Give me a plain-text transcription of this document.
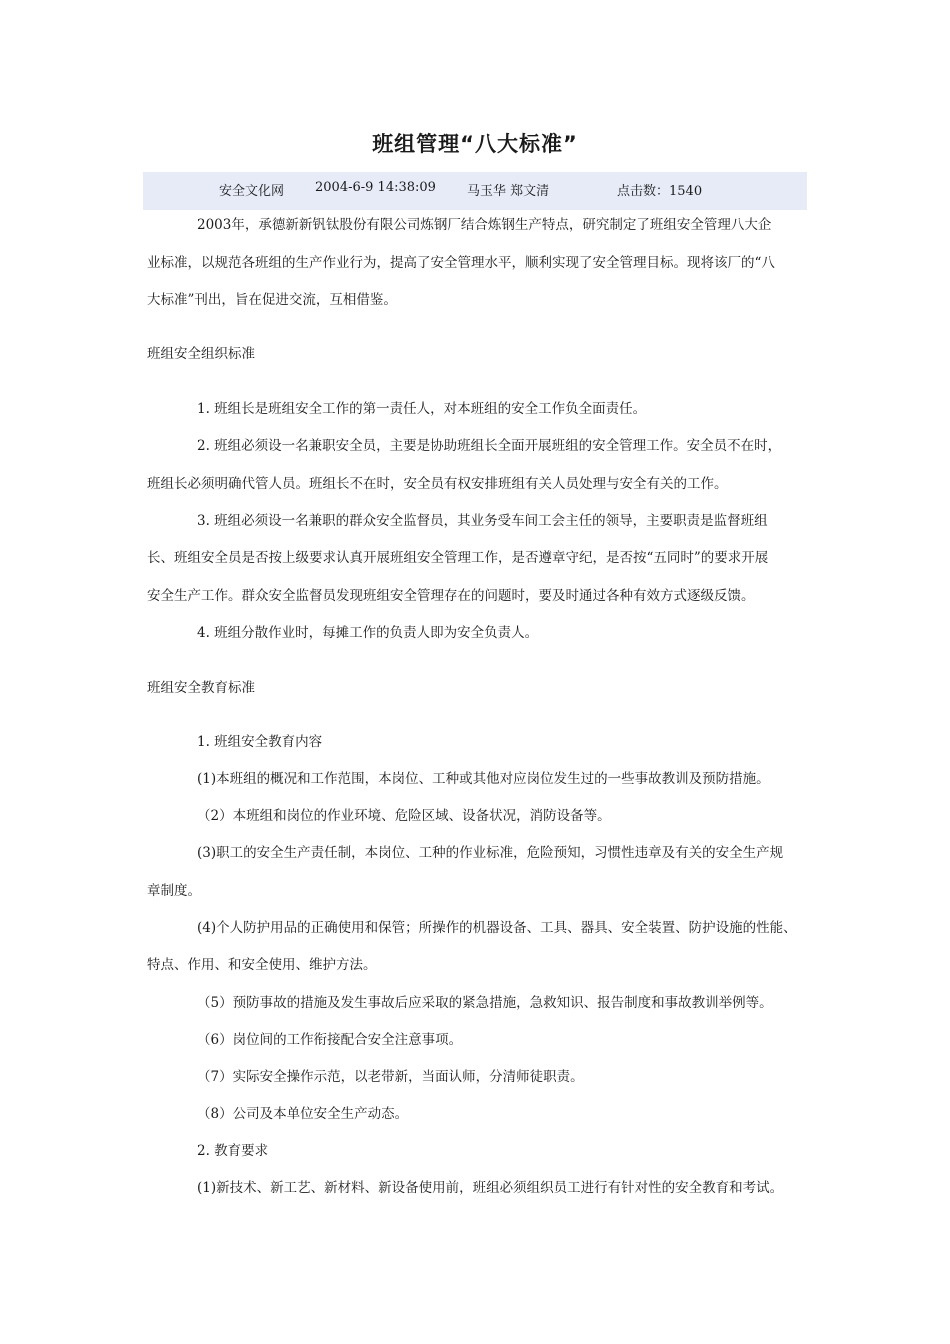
班组管理“八大标准”
安全文化网 2004-6-9 14:38:09 马玉华 郑文清	点击数：1540
2003年，承德新新钒钛股份有限公司炼钢厂结合炼钢生产特点，研究制定了班组安全管理八大企
业标准，以规范各班组的生产作业行为，提高了安全管理水平，顺利实现了安全管理目标。现将该厂的“八
大标准”刊出，旨在促进交流，互相借鉴。
班组安全组织标准
1. 班组长是班组安全工作的第一责任人，对本班组的安全工作负全面责任。
2. 班组必须设一名兼职安全员，主要是协助班组长全面开展班组的安全管理工作。安全员不在时，
班组长必须明确代管人员。班组长不在时，安全员有权安排班组有关人员处理与安全有关的工作。
3. 班组必须设一名兼职的群众安全监督员，其业务受车间工会主任的领导，主要职责是监督班组
长、班组安全员是否按上级要求认真开展班组安全管理工作，是否遵章守纪，是否按“五同时”的要求开展
安全生产工作。群众安全监督员发现班组安全管理存在的问题时，要及时通过各种有效方式逐级反馈。
4. 班组分散作业时，每摊工作的负责人即为安全负责人。
班组安全教育标准
1. 班组安全教育内容
(1)本班组的概况和工作范围，本岗位、工种或其他对应岗位发生过的一些事故教训及预防措施。
（2）本班组和岗位的作业环境、危险区域、设备状况，消防设备等。
(3)职工的安全生产责任制，本岗位、工种的作业标准，危险预知，习惯性违章及有关的安全生产规
章制度。
(4)个人防护用品的正确使用和保管；所操作的机器设备、工具、器具、安全装置、防护设施的性能、
特点、作用、和安全使用、维护方法。
（5）预防事故的措施及发生事故后应采取的紧急措施，急救知识、报告制度和事故教训举例等。
（6）岗位间的工作衔接配合安全注意事项。
（7）实际安全操作示范，以老带新，当面认师，分清师徒职责。
（8）公司及本单位安全生产动态。
2. 教育要求
(1)新技术、新工艺、新材料、新设备使用前，班组必须组织员工进行有针对性的安全教育和考试。
